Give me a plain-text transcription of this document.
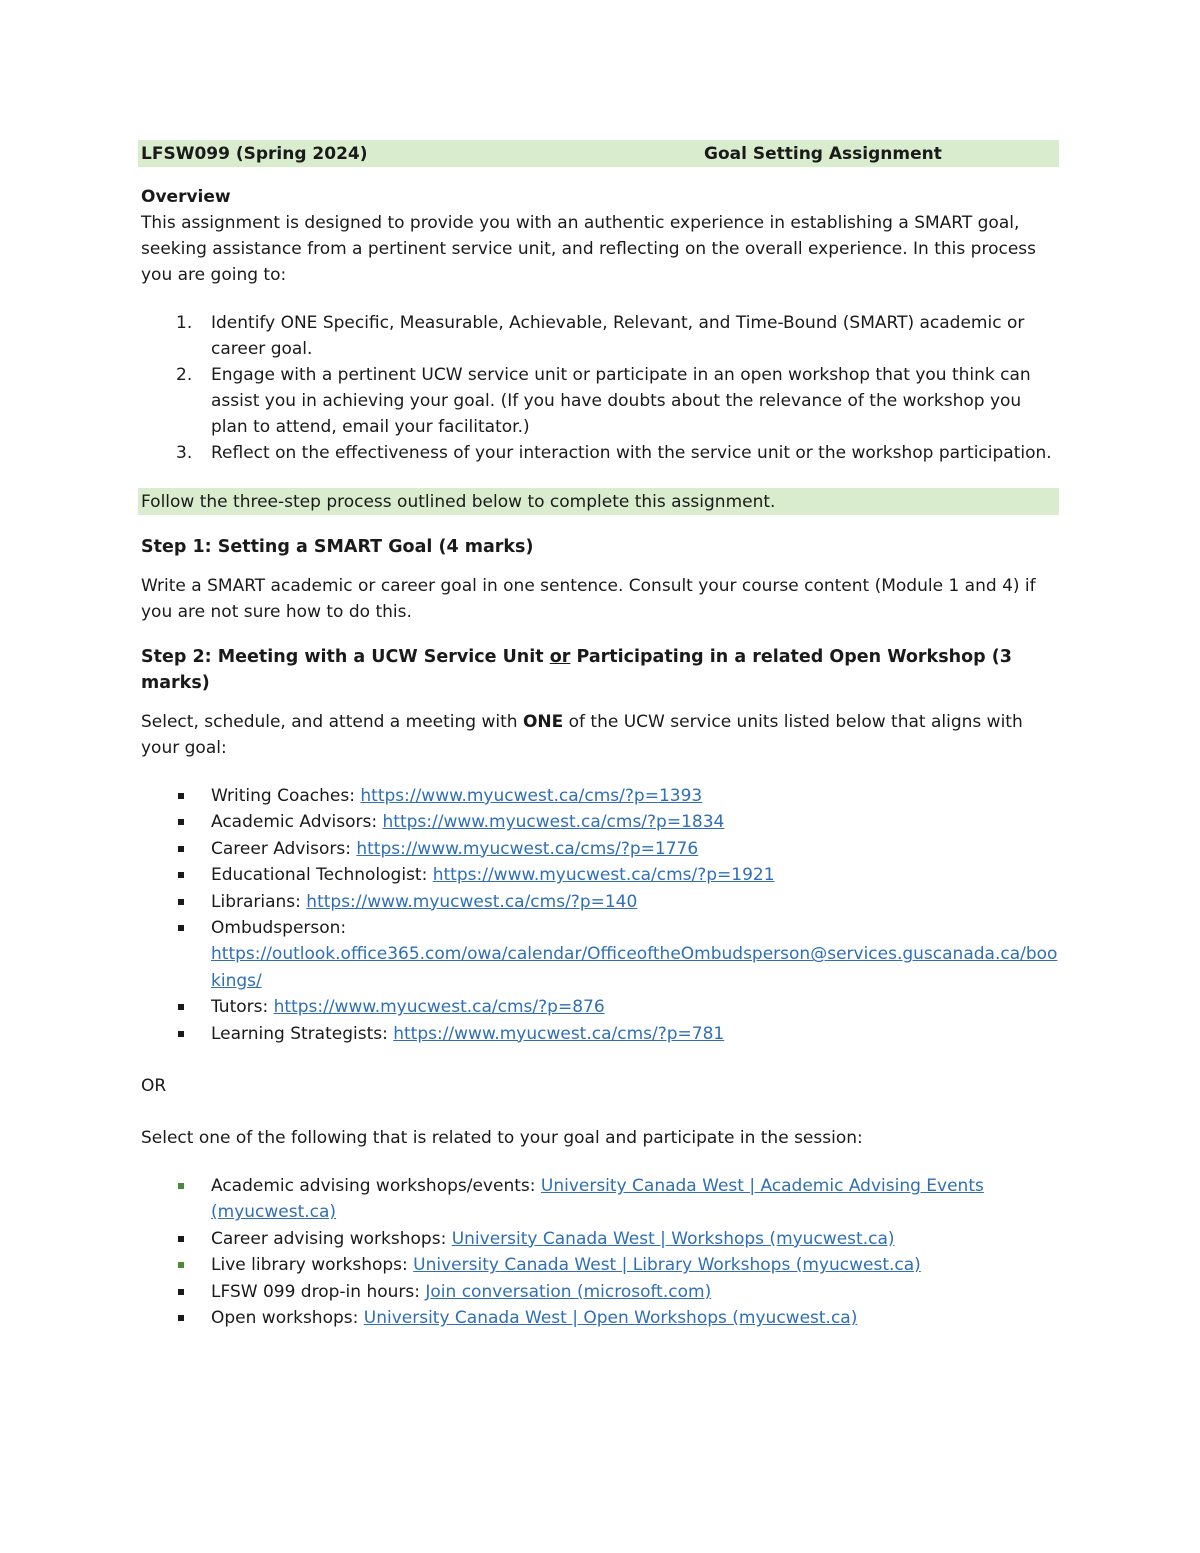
LFSW099 (Spring 2024)	Goal Setting Assignment
Overview

This assignment is designed to provide you with an authentic experience in establishing a SMART goal, seeking assistance from a pertinent service unit, and reflecting on the overall experience. In this process you are going to:

1. Identify ONE Specific, Measurable, Achievable, Relevant, and Time-Bound (SMART) academic or career goal.
2. Engage with a pertinent UCW service unit or participate in an open workshop that you think can assist you in achieving your goal. (If you have doubts about the relevance of the workshop you plan to attend, email your facilitator.)
3. Reflect on the effectiveness of your interaction with the service unit or the workshop participation.
Follow the three-step process outlined below to complete this assignment.
Step 1: Setting a SMART Goal (4 marks)

Write a SMART academic or career goal in one sentence. Consult your course content (Module 1 and 4) if you are not sure how to do this.

Step 2: Meeting with a UCW Service Unit or Participating in a related Open Workshop (3 marks)

Select, schedule, and attend a meeting with ONE of the UCW service units listed below that aligns with your goal:

Writing Coaches: https://www.myucwest.ca/cms/?p=1393
Academic Advisors: https://www.myucwest.ca/cms/?p=1834
Career Advisors: https://www.myucwest.ca/cms/?p=1776
Educational Technologist: https://www.myucwest.ca/cms/?p=1921
Librarians: https://www.myucwest.ca/cms/?p=140
Ombudsperson:
https://outlook.office365.com/owa/calendar/OfficeoftheOmbudsperson@services.guscanada.ca/bookings/
Tutors: https://www.myucwest.ca/cms/?p=876
Learning Strategists: https://www.myucwest.ca/cms/?p=781

OR

Select one of the following that is related to your goal and participate in the session:

Academic advising workshops/events: University Canada West | Academic Advising Events (myucwest.ca)
Career advising workshops: University Canada West | Workshops (myucwest.ca)
Live library workshops: University Canada West | Library Workshops (myucwest.ca)
LFSW 099 drop-in hours: Join conversation (microsoft.com)
Open workshops: University Canada West | Open Workshops (myucwest.ca)
